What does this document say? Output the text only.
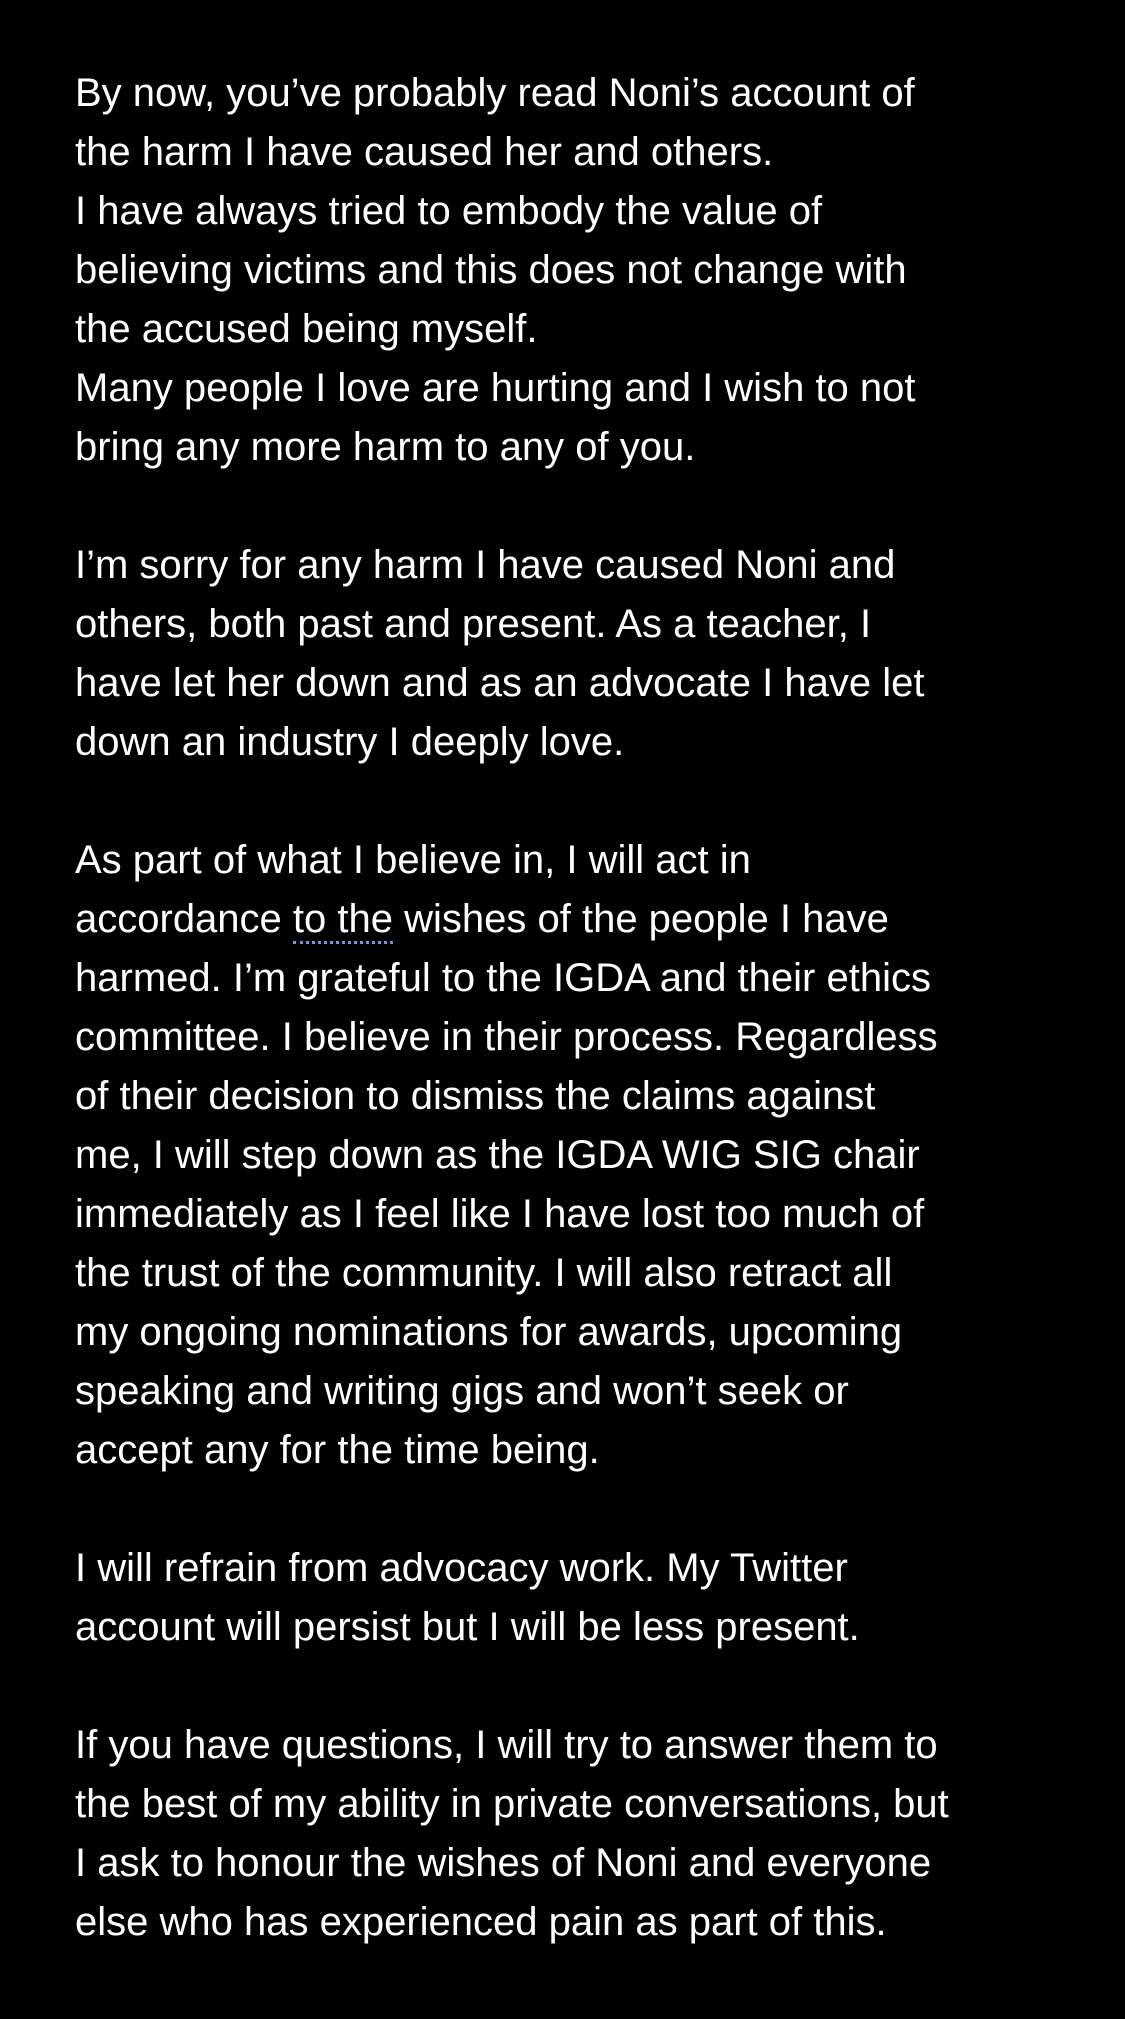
By now, you’ve probably read Noni’s account of
the harm I have caused her and others.
I have always tried to embody the value of
believing victims and this does not change with
the accused being myself.
Many people I love are hurting and I wish to not
bring any more harm to any of you.
I’m sorry for any harm I have caused Noni and
others, both past and present. As a teacher, I
have let her down and as an advocate I have let
down an industry I deeply love.
As part of what I believe in, I will act in
accordance to the wishes of the people I have
harmed. I’m grateful to the IGDA and their ethics
committee. I believe in their process. Regardless
of their decision to dismiss the claims against
me, I will step down as the IGDA WIG SIG chair
immediately as I feel like I have lost too much of
the trust of the community. I will also retract all
my ongoing nominations for awards, upcoming
speaking and writing gigs and won’t seek or
accept any for the time being.
I will refrain from advocacy work. My Twitter
account will persist but I will be less present.
If you have questions, I will try to answer them to
the best of my ability in private conversations, but
I ask to honour the wishes of Noni and everyone
else who has experienced pain as part of this.
